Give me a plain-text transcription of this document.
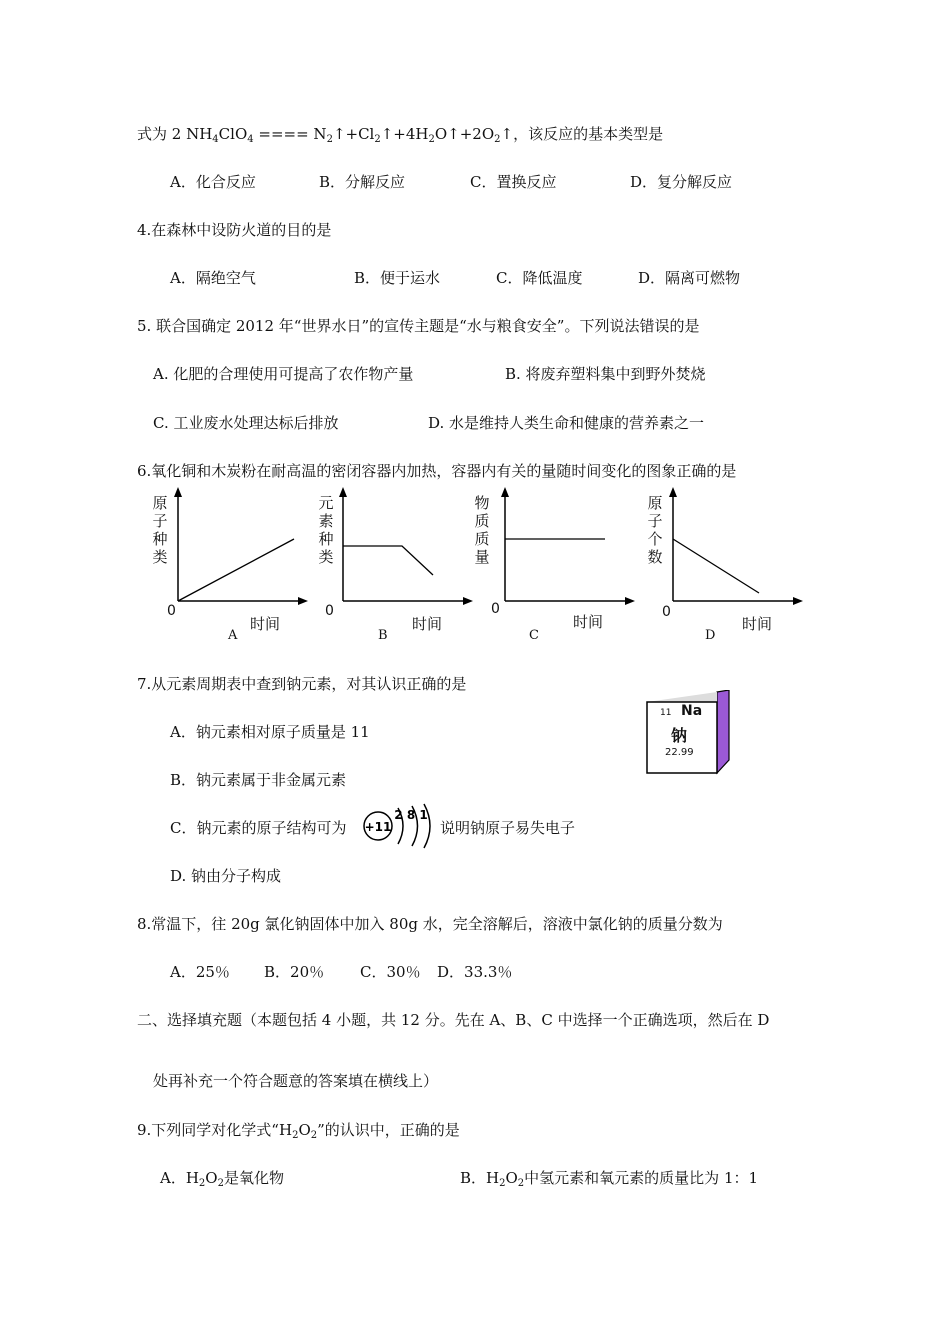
式为 2 $NH_4ClO_4$ ==== $N_2↑+Cl_2↑+4H_2O↑+2O_2↑$，该反应的基本类型是
A．化合反应	B．分解反应	C．置换反应	D．复分解反应
4.在森林中设防火道的目的是
A．隔绝空气	B．便于运水	C．降低温度	D．隔离可燃物
5. 联合国确定 2012 年“世界水日”的宣传主题是“水与粮食安全”。下列说法错误的是
A. 化肥的合理使用可提高了农作物产量	B. 将废弃塑料集中到野外焚烧
C. 工业废水处理达标后排放	D. 水是维持人类生命和健康的营养素之一
6.氧化铜和木炭粉在耐高温的密闭容器内加热，容器内有关的量随时间变化的图象正确的是
原
子
种
类
0
时间
A
元
素
种
类
0
时间
B
物
质
质
量
0
时间
C
原
子
个
数
0
时间
D
7.从元素周期表中查到钠元素，对其认识正确的是
A．钠元素相对原子质量是 11
B．钠元素属于非金属元素
C．钠元素的原子结构可为 +11
2 8 1
说明钠原子易失电子
D. 钠由分子构成
11 Na
钠
22.99
8.常温下，往 20g 氯化钠固体中加入 80g 水，完全溶解后，溶液中氯化钠的质量分数为
A．25％ B．20％ C．30％ D．33.3％
二、选择填充题（本题包括 4 小题，共 12 分。先在 A、B、C 中选择一个正确选项，然后在 D
处再补充一个符合题意的答案填在横线上）
9.下列同学对化学式“$H_2O_2$”的认识中，正确的是
A．$H_2O_2$是氧化物	B．$H_2O_2$中氢元素和氧元素的质量比为 1：1
